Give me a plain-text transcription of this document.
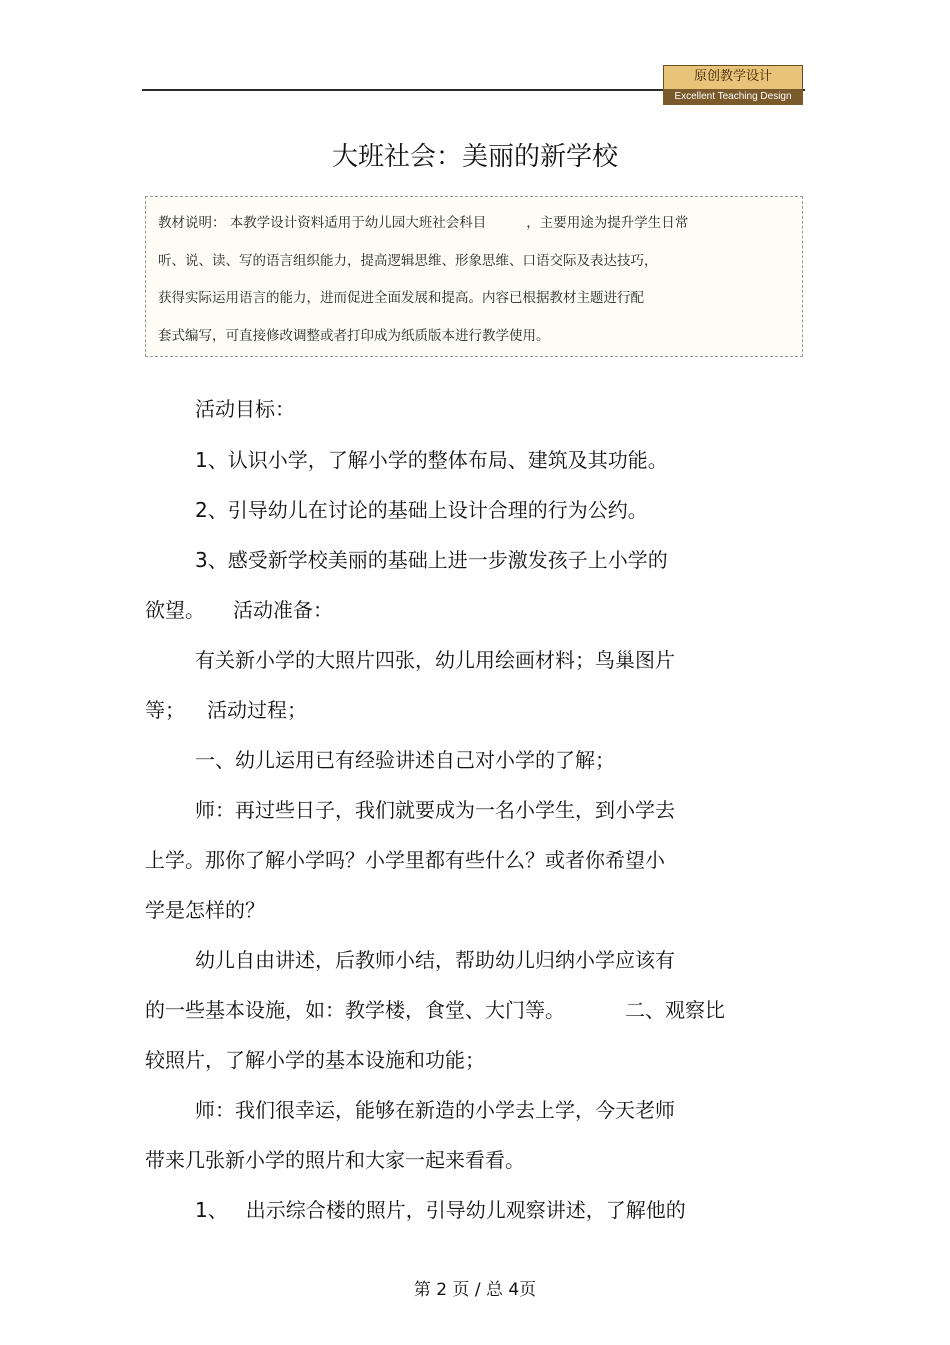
原创教学设计
Excellent Teaching Design
大班社会：美丽的新学校
教材说明： 本教学设计资料适用于幼儿园大班社会科目	，主要用途为提升学生日常
听、说、读、写的语言组织能力，提高逻辑思维、形象思维、口语交际及表达技巧，
获得实际运用语言的能力，进而促进全面发展和提高。内容已根据教材主题进行配
套式编写，可直接修改调整或者打印成为纸质版本进行教学使用。
活动目标：
1、认识小学，了解小学的整体布局、建筑及其功能。
2、引导幼儿在讨论的基础上设计合理的行为公约。
3、感受新学校美丽的基础上进一步激发孩子上小学的
欲望。 活动准备：
有关新小学的大照片四张，幼儿用绘画材料；鸟巢图片
等； 活动过程；
一、幼儿运用已有经验讲述自己对小学的了解；
师：再过些日子，我们就要成为一名小学生，到小学去
上学。那你了解小学吗？小学里都有些什么？或者你希望小
学是怎样的？
幼儿自由讲述，后教师小结，帮助幼儿归纳小学应该有
的一些基本设施，如：教学楼，食堂、大门等。	二、观察比
较照片，了解小学的基本设施和功能；
师：我们很幸运，能够在新造的小学去上学，今天老师
带来几张新小学的照片和大家一起来看看。
1、 出示综合楼的照片，引导幼儿观察讲述，了解他的
第 2 页 / 总 4页
